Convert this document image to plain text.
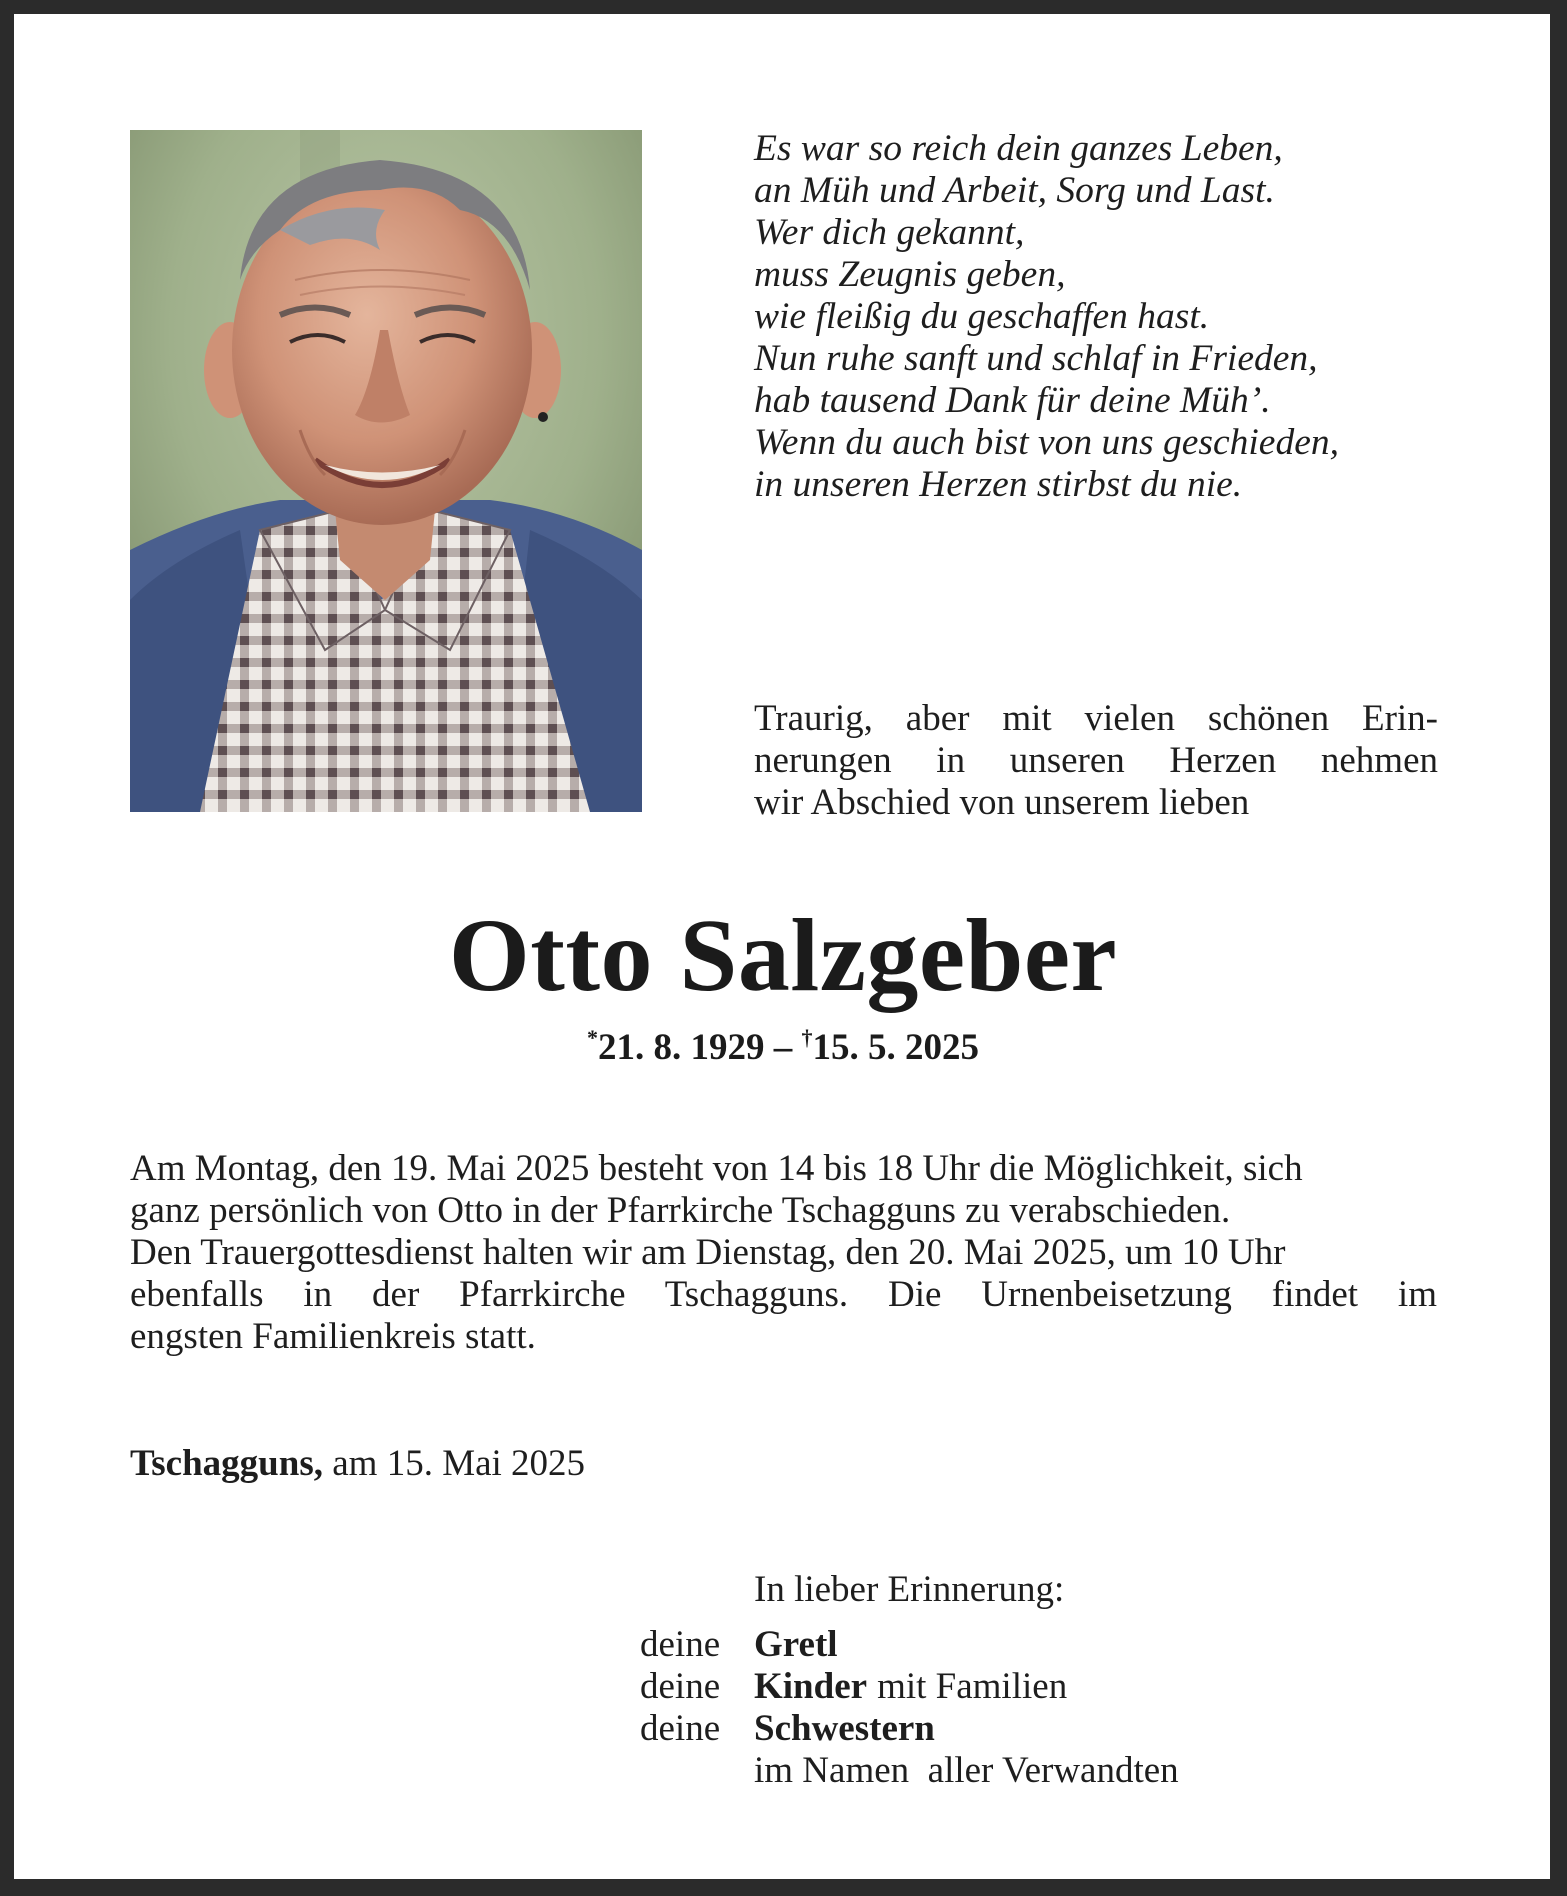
Es war so reich dein ganzes Leben,
an Müh und Arbeit, Sorg und Last.
Wer dich gekannt,
muss Zeugnis geben,
wie fleißig du geschaffen hast.
Nun ruhe sanft und schlaf in Frieden,
hab tausend Dank für deine Müh’.
Wenn du auch bist von uns geschieden,
in unseren Herzen stirbst du nie.
Traurig, aber mit vielen schönen Erin-
nerungen in unseren Herzen nehmen
wir Abschied von unserem lieben
Otto Salzgeber
*21. 8. 1929 – †15. 5. 2025
Am Montag, den 19. Mai 2025 besteht von 14 bis 18 Uhr die Möglichkeit, sich
ganz persönlich von Otto in der Pfarrkirche Tschagguns zu verabschieden.
Den Trauergottesdienst halten wir am Dienstag, den 20. Mai 2025, um 10 Uhr
ebenfalls in der Pfarrkirche Tschagguns. Die Urnenbeisetzung findet im
engsten Familienkreis statt.
Tschagguns, am 15. Mai 2025
In lieber Erinnerung:
deine Gretl
deine Kinder mit Familien
deine Schwestern
im Namen  aller Verwandten
